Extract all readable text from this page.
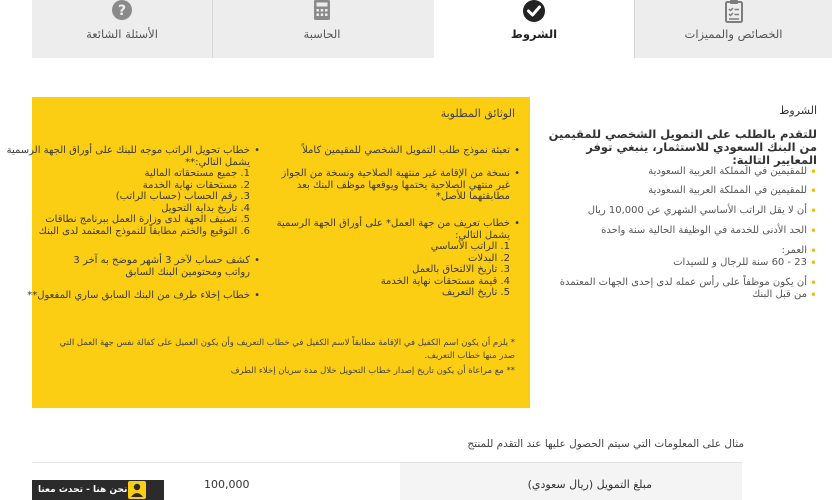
الخصائص والمميزات
الشروط
الحاسبة
?
الأسئلة الشائعة
الشروط
للتقدم بالطلب على التمويل الشخصي للمقيمين من البنك السعودي للاستثمار، ينبغي توفر المعايير التالية:
• للمقيمين في المملكة العربية السعودية
• للمقيمين في المملكة العربية السعودية
• أن لا يقل الراتب الأساسي الشهري عن 10,000 ريال
• الحد الأدنى للخدمة في الوظيفة الحالية سنة واحدة
• العمر:
• 23 - 60 سنة للرجال و للسيدات
• أن يكون موظفاً على رأس عمله لدى إحدى الجهات المعتمدة
• من قبل البنك
الوثائق المطلوبة
• تعبئة نموذج طلب التمويل الشخصي للمقيمين كاملاً
• نسخة من الإقامة غير منتهية الصلاحية ونسخة من الجواز
غير منتهي الصلاحية يختمها ويوقعها موظف البنك بعد
مطابقتهما للأصل*
• خطاب تعريف من جهة العمل* على أوراق الجهة الرسمية
يشمل التالي:
1. الراتب الأساسي
2. البدلات
3. تاريخ الالتحاق بالعمل
4. قيمة مستحقات نهاية الخدمة
5. تاريخ التعريف
• خطاب تحويل الراتب موجه للبنك على أوراق الجهة الرسمية
يشمل التالي:**
1. جميع مستحقاته المالية
2. مستحقات نهاية الخدمة
3. رقم الحساب (حساب الراتب)
4. تاريخ بداية التحويل
5. تصنيف الجهة لدى وزارة العمل ببرنامج نطاقات
6. التوقيع والختم مطابقاً للنموذج المعتمد لدى البنك
• كشف حساب لآخر 3 أشهر موضح به آخر 3
رواتب ومحتومين البنك السابق
• خطاب إخلاء طرف من البنك السابق ساري المفعول**
* يلزم أن يكون اسم الكفيل في الإقامة مطابقاً لاسم الكفيل في خطاب التعريف وأن يكون العميل على كفالة نفس جهة العمل التي
صدر منها خطاب التعريف.
** مع مراعاة أن يكون تاريخ إصدار خطاب التحويل خلال مدة سريان إخلاء الطرف
مثال على المعلومات التي سيتم الحصول عليها عند التقدم للمنتج
100,000	مبلغ التمويل (ريال سعودي)
نحن هنا - تحدث معنا
